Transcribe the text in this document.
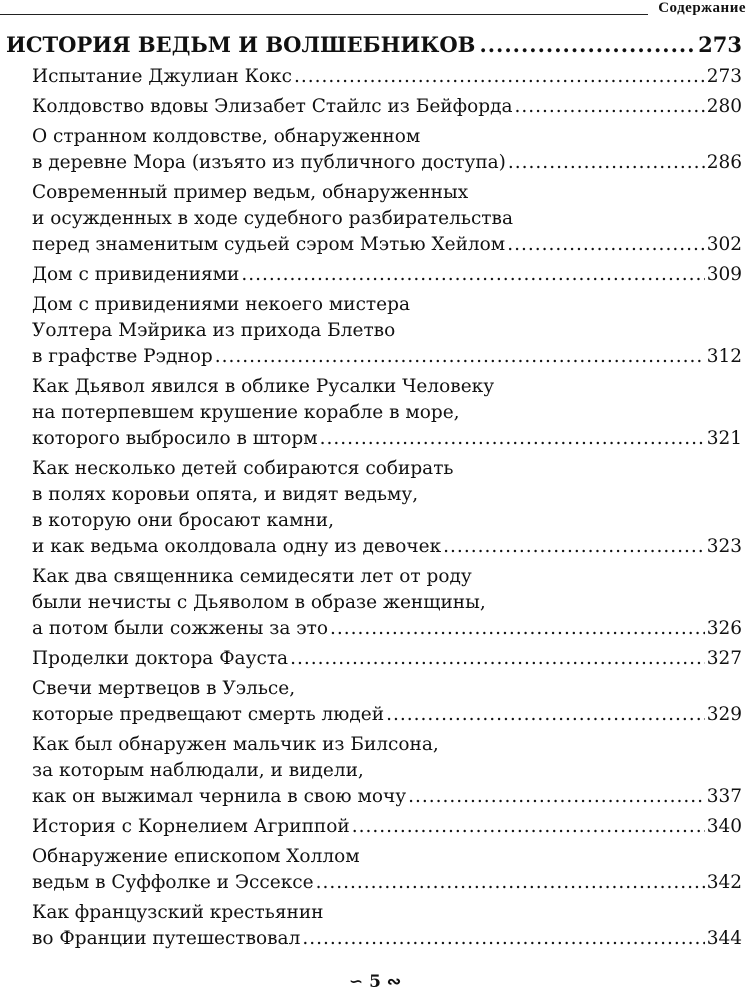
Содержание
ИСТОРИЯ ВЕДЬМ И ВОЛШЕБНИКОВ .....	273
Испытание Джулиан Кокс .....	273
Колдовство вдовы Элизабет Стайлс из Бейфорда .....	280
О странном колдовстве, обнаруженном
в деревне Мора (изъято из публичного доступа) .....	286
Современный пример ведьм, обнаруженных
и осужденных в ходе судебного разбирательства
перед знаменитым судьей сэром Мэтью Хейлом .....	302
Дом с привидениями .....	309
Дом с привидениями некоего мистера
Уолтера Мэйрика из прихода Блетво
в графстве Рэднор .....	312
Как Дьявол явился в облике Русалки Человеку
на потерпевшем крушение корабле в море,
которого выбросило в шторм .....	321
Как несколько детей собираются собирать
в полях коровьи опята, и видят ведьму,
в которую они бросают камни,
и как ведьма околдовала одну из девочек .....	323
Как два священника семидесяти лет от роду
были нечисты с Дьяволом в образе женщины,
а потом были сожжены за это .....	326
Проделки доктора Фауста .....	327
Свечи мертвецов в Уэльсе,
которые предвещают смерть людей .....	329
Как был обнаружен мальчик из Билсона,
за которым наблюдали, и видели,
как он выжимал чернила в свою мочу .....	337
История с Корнелием Агриппой .....	340
Обнаружение епископом Холлом
ведьм в Суффолке и Эссексе .....	342
Как французский крестьянин
во Франции путешествовал .....	344
∽ 5 ∾
